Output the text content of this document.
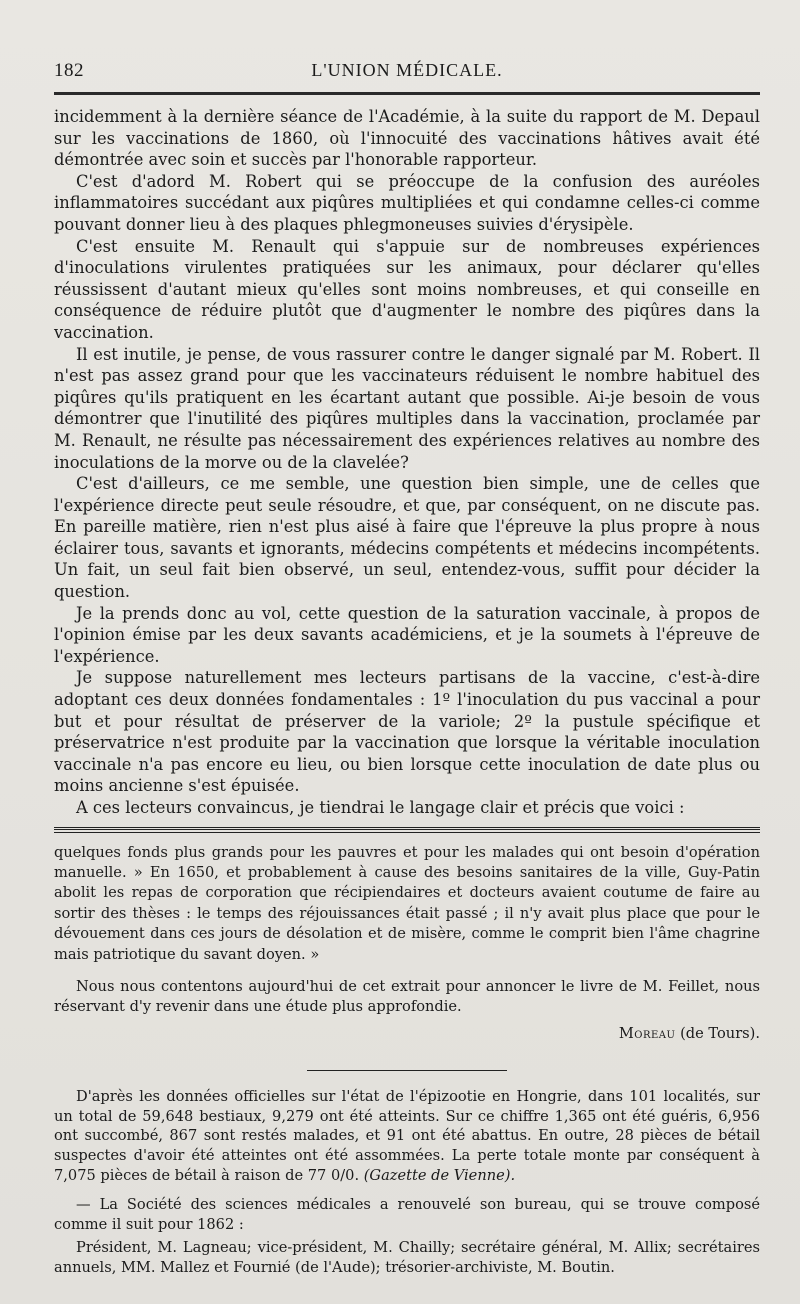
182	L'UNION MÉDICALE.

incidemment à la dernière séance de l'Académie, à la suite du rapport de M. Depaul sur les vaccinations de 1860, où l'innocuité des vaccinations hâtives avait été démontrée avec soin et succès par l'honorable rapporteur.

C'est d'adord M. Robert qui se préoccupe de la confusion des auréoles inflammatoires succédant aux piqûres multipliées et qui condamne celles-ci comme pouvant donner lieu à des plaques phlegmoneuses suivies d'érysipèle.

C'est ensuite M. Renault qui s'appuie sur de nombreuses expériences d'inoculations virulentes pratiquées sur les animaux, pour déclarer qu'elles réussissent d'autant mieux qu'elles sont moins nombreuses, et qui conseille en conséquence de réduire plutôt que d'augmenter le nombre des piqûres dans la vaccination.

Il est inutile, je pense, de vous rassurer contre le danger signalé par M. Robert. Il n'est pas assez grand pour que les vaccinateurs réduisent le nombre habituel des piqûres qu'ils pratiquent en les écartant autant que possible. Ai-je besoin de vous démontrer que l'inutilité des piqûres multiples dans la vaccination, proclamée par M. Renault, ne résulte pas nécessairement des expériences relatives au nombre des inoculations de la morve ou de la clavelée?

C'est d'ailleurs, ce me semble, une question bien simple, une de celles que l'expérience directe peut seule résoudre, et que, par conséquent, on ne discute pas. En pareille matière, rien n'est plus aisé à faire que l'épreuve la plus propre à nous éclairer tous, savants et ignorants, médecins compétents et médecins incompétents. Un fait, un seul fait bien observé, un seul, entendez-vous, suffit pour décider la question.

Je la prends donc au vol, cette question de la saturation vaccinale, à propos de l'opinion émise par les deux savants académiciens, et je la soumets à l'épreuve de l'expérience.

Je suppose naturellement mes lecteurs partisans de la vaccine, c'est-à-dire adoptant ces deux données fondamentales : 1º l'inoculation du pus vaccinal a pour but et pour résultat de préserver de la variole; 2º la pustule spécifique et préservatrice n'est produite par la vaccination que lorsque la véritable inoculation vaccinale n'a pas encore eu lieu, ou bien lorsque cette inoculation de date plus ou moins ancienne s'est épuisée.

A ces lecteurs convaincus, je tiendrai le langage clair et précis que voici :

quelques fonds plus grands pour les pauvres et pour les malades qui ont besoin d'opération manuelle. » En 1650, et probablement à cause des besoins sanitaires de la ville, Guy-Patin abolit les repas de corporation que récipiendaires et docteurs avaient coutume de faire au sortir des thèses : le temps des réjouissances était passé ; il n'y avait plus place que pour le dévouement dans ces jours de désolation et de misère, comme le comprit bien l'âme chagrine mais patriotique du savant doyen. »

Nous nous contentons aujourd'hui de cet extrait pour annoncer le livre de M. Feillet, nous réservant d'y revenir dans une étude plus approfondie.

Moreau (de Tours).

D'après les données officielles sur l'état de l'épizootie en Hongrie, dans 101 localités, sur un total de 59,648 bestiaux, 9,279 ont été atteints. Sur ce chiffre 1,365 ont été guéris, 6,956 ont succombé, 867 sont restés malades, et 91 ont été abattus. En outre, 28 pièces de bétail suspectes d'avoir été atteintes ont été assommées. La perte totale monte par conséquent à 7,075 pièces de bétail à raison de 77 0/0. (Gazette de Vienne).

— La Société des sciences médicales a renouvelé son bureau, qui se trouve composé comme il suit pour 1862 :

Président, M. Lagneau; vice-président, M. Chailly; secrétaire général, M. Allix; secrétaires annuels, MM. Mallez et Fournié (de l'Aude); trésorier-archiviste, M. Boutin.
